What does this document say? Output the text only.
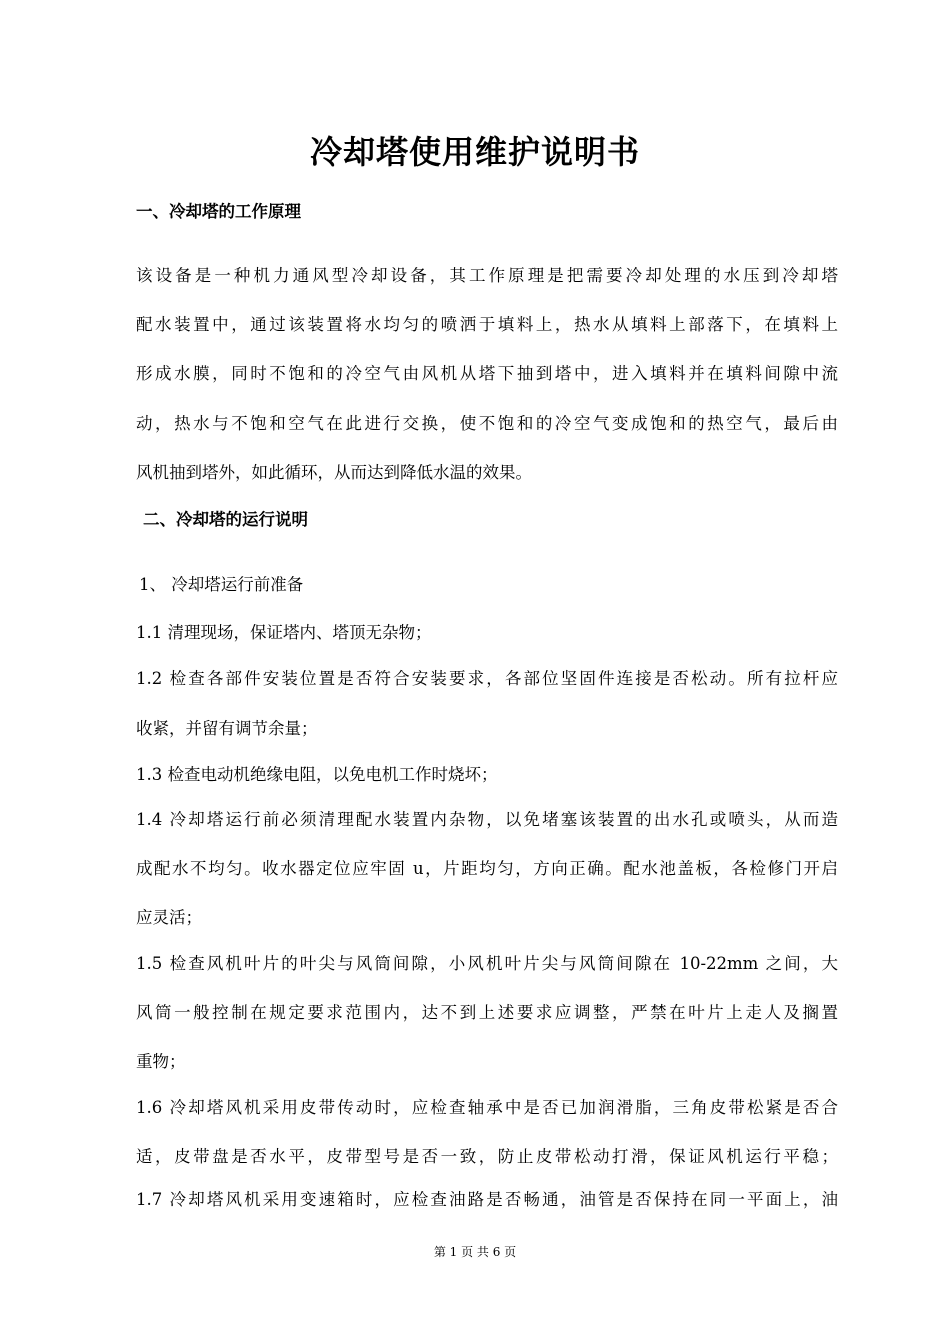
冷却塔使用维护说明书
一、冷却塔的工作原理
该设备是一种机力通风型冷却设备，其工作原理是把需要冷却处理的水压到冷却塔
配水装置中，通过该装置将水均匀的喷洒于填料上，热水从填料上部落下，在填料上
形成水膜，同时不饱和的冷空气由风机从塔下抽到塔中，进入填料并在填料间隙中流
动，热水与不饱和空气在此进行交换，使不饱和的冷空气变成饱和的热空气，最后由
风机抽到塔外，如此循环，从而达到降低水温的效果。
二、冷却塔的运行说明
1、 冷却塔运行前准备
1.1 清理现场，保证塔内、塔顶无杂物；
1.2 检查各部件安装位置是否符合安装要求，各部位坚固件连接是否松动。所有拉杆应
收紧，并留有调节余量；
1.3 检查电动机绝缘电阻，以免电机工作时烧坏；
1.4 冷却塔运行前必须清理配水装置内杂物，以免堵塞该装置的出水孔或喷头，从而造
成配水不均匀。收水器定位应牢固 u，片距均匀，方向正确。配水池盖板，各检修门开启
应灵活；
1.5 检查风机叶片的叶尖与风筒间隙，小风机叶片尖与风筒间隙在 10-22mm 之间，大
风筒一般控制在规定要求范围内，达不到上述要求应调整，严禁在叶片上走人及搁置
重物；
1.6 冷却塔风机采用皮带传动时，应检查轴承中是否已加润滑脂，三角皮带松紧是否合
适，皮带盘是否水平，皮带型号是否一致，防止皮带松动打滑，保证风机运行平稳；
1.7 冷却塔风机采用变速箱时，应检查油路是否畅通，油管是否保持在同一平面上，油
第 1 页 共 6 页
